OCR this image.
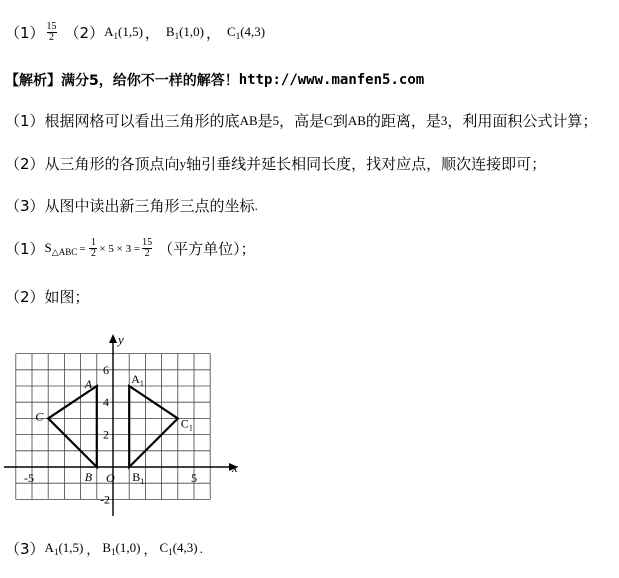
$(1) \frac{15}{2} (2)$ $A_1(1,5)$ ， $B_1(1,0)$ ， $C_1(4,3)$
【解析】 满分5，给你不一样的解答！ http://www.manfen5.com
（1） 根据网格可以看出三角形的底 AB 是 5 ，高是 C 到 AB 的距离，是 3 ，利用面积公式计算；
（2） 从三角形的各顶点向 y 轴引垂线并延长相同长度，找对应点，顺次连接即可；
（3） 从图中读出新三角形三点的坐标 .
（1） $S_{\triangle ABC} = \frac{1}{2} \times 5 \times 3 = \frac{15}{2}$ （平方单位）；
（2） 如图；
-5	5
6
4
2
-2
O
x
y
A
B
C
$A_1$
$B_1$
$C_1$
（3） $A_1(1,5)$ ， $B_1(1,0)$ ， $C_1(4,3)$ .
